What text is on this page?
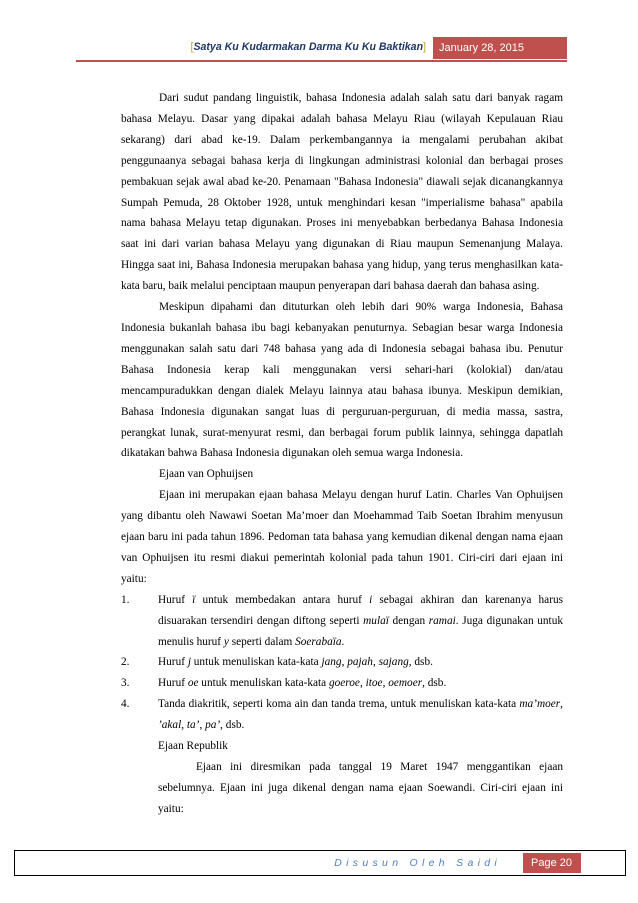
[Satya Ku Kudarmakan Darma Ku Ku Baktikan]	January 28, 2015

Dari sudut pandang linguistik, bahasa Indonesia adalah salah satu dari banyak ragam bahasa Melayu. Dasar yang dipakai adalah bahasa Melayu Riau (wilayah Kepulauan Riau sekarang) dari abad ke-19. Dalam perkembangannya ia mengalami perubahan akibat penggunaanya sebagai bahasa kerja di lingkungan administrasi kolonial dan berbagai proses pembakuan sejak awal abad ke-20. Penamaan "Bahasa Indonesia" diawali sejak dicanangkannya Sumpah Pemuda, 28 Oktober 1928, untuk menghindari kesan "imperialisme bahasa" apabila nama bahasa Melayu tetap digunakan. Proses ini menyebabkan berbedanya Bahasa Indonesia saat ini dari varian bahasa Melayu yang digunakan di Riau maupun Semenanjung Malaya. Hingga saat ini, Bahasa Indonesia merupakan bahasa yang hidup, yang terus menghasilkan kata-kata baru, baik melalui penciptaan maupun penyerapan dari bahasa daerah dan bahasa asing.

Meskipun dipahami dan dituturkan oleh lebih dari 90% warga Indonesia, Bahasa Indonesia bukanlah bahasa ibu bagi kebanyakan penuturnya. Sebagian besar warga Indonesia menggunakan salah satu dari 748 bahasa yang ada di Indonesia sebagai bahasa ibu. Penutur Bahasa Indonesia kerap kali menggunakan versi sehari-hari (kolokial) dan/atau mencampuradukkan dengan dialek Melayu lainnya atau bahasa ibunya. Meskipun demikian, Bahasa Indonesia digunakan sangat luas di perguruan-perguruan, di media massa, sastra, perangkat lunak, surat-menyurat resmi, dan berbagai forum publik lainnya, sehingga dapatlah dikatakan bahwa Bahasa Indonesia digunakan oleh semua warga Indonesia.

Ejaan van Ophuijsen

Ejaan ini merupakan ejaan bahasa Melayu dengan huruf Latin. Charles Van Ophuijsen yang dibantu oleh Nawawi Soetan Ma’moer dan Moehammad Taib Soetan Ibrahim menyusun ejaan baru ini pada tahun 1896. Pedoman tata bahasa yang kemudian dikenal dengan nama ejaan van Ophuijsen itu resmi diakui pemerintah kolonial pada tahun 1901. Ciri-ciri dari ejaan ini yaitu:

1.	Huruf ï untuk membedakan antara huruf i sebagai akhiran dan karenanya harus disuarakan tersendiri dengan diftong seperti mulaï dengan ramai. Juga digunakan untuk menulis huruf y seperti dalam Soerabaïa.
2.	Huruf j untuk menuliskan kata-kata jang, pajah, sajang, dsb.
3.	Huruf oe untuk menuliskan kata-kata goeroe, itoe, oemoer, dsb.
4.	Tanda diakritik, seperti koma ain dan tanda trema, untuk menuliskan kata-kata ma’moer, ’akal, ta’, pa’, dsb.

Ejaan Republik

Ejaan ini diresmikan pada tanggal 19 Maret 1947 menggantikan ejaan sebelumnya. Ejaan ini juga dikenal dengan nama ejaan Soewandi. Ciri-ciri ejaan ini yaitu:

Disusun Oleh Saidi	Page 20
